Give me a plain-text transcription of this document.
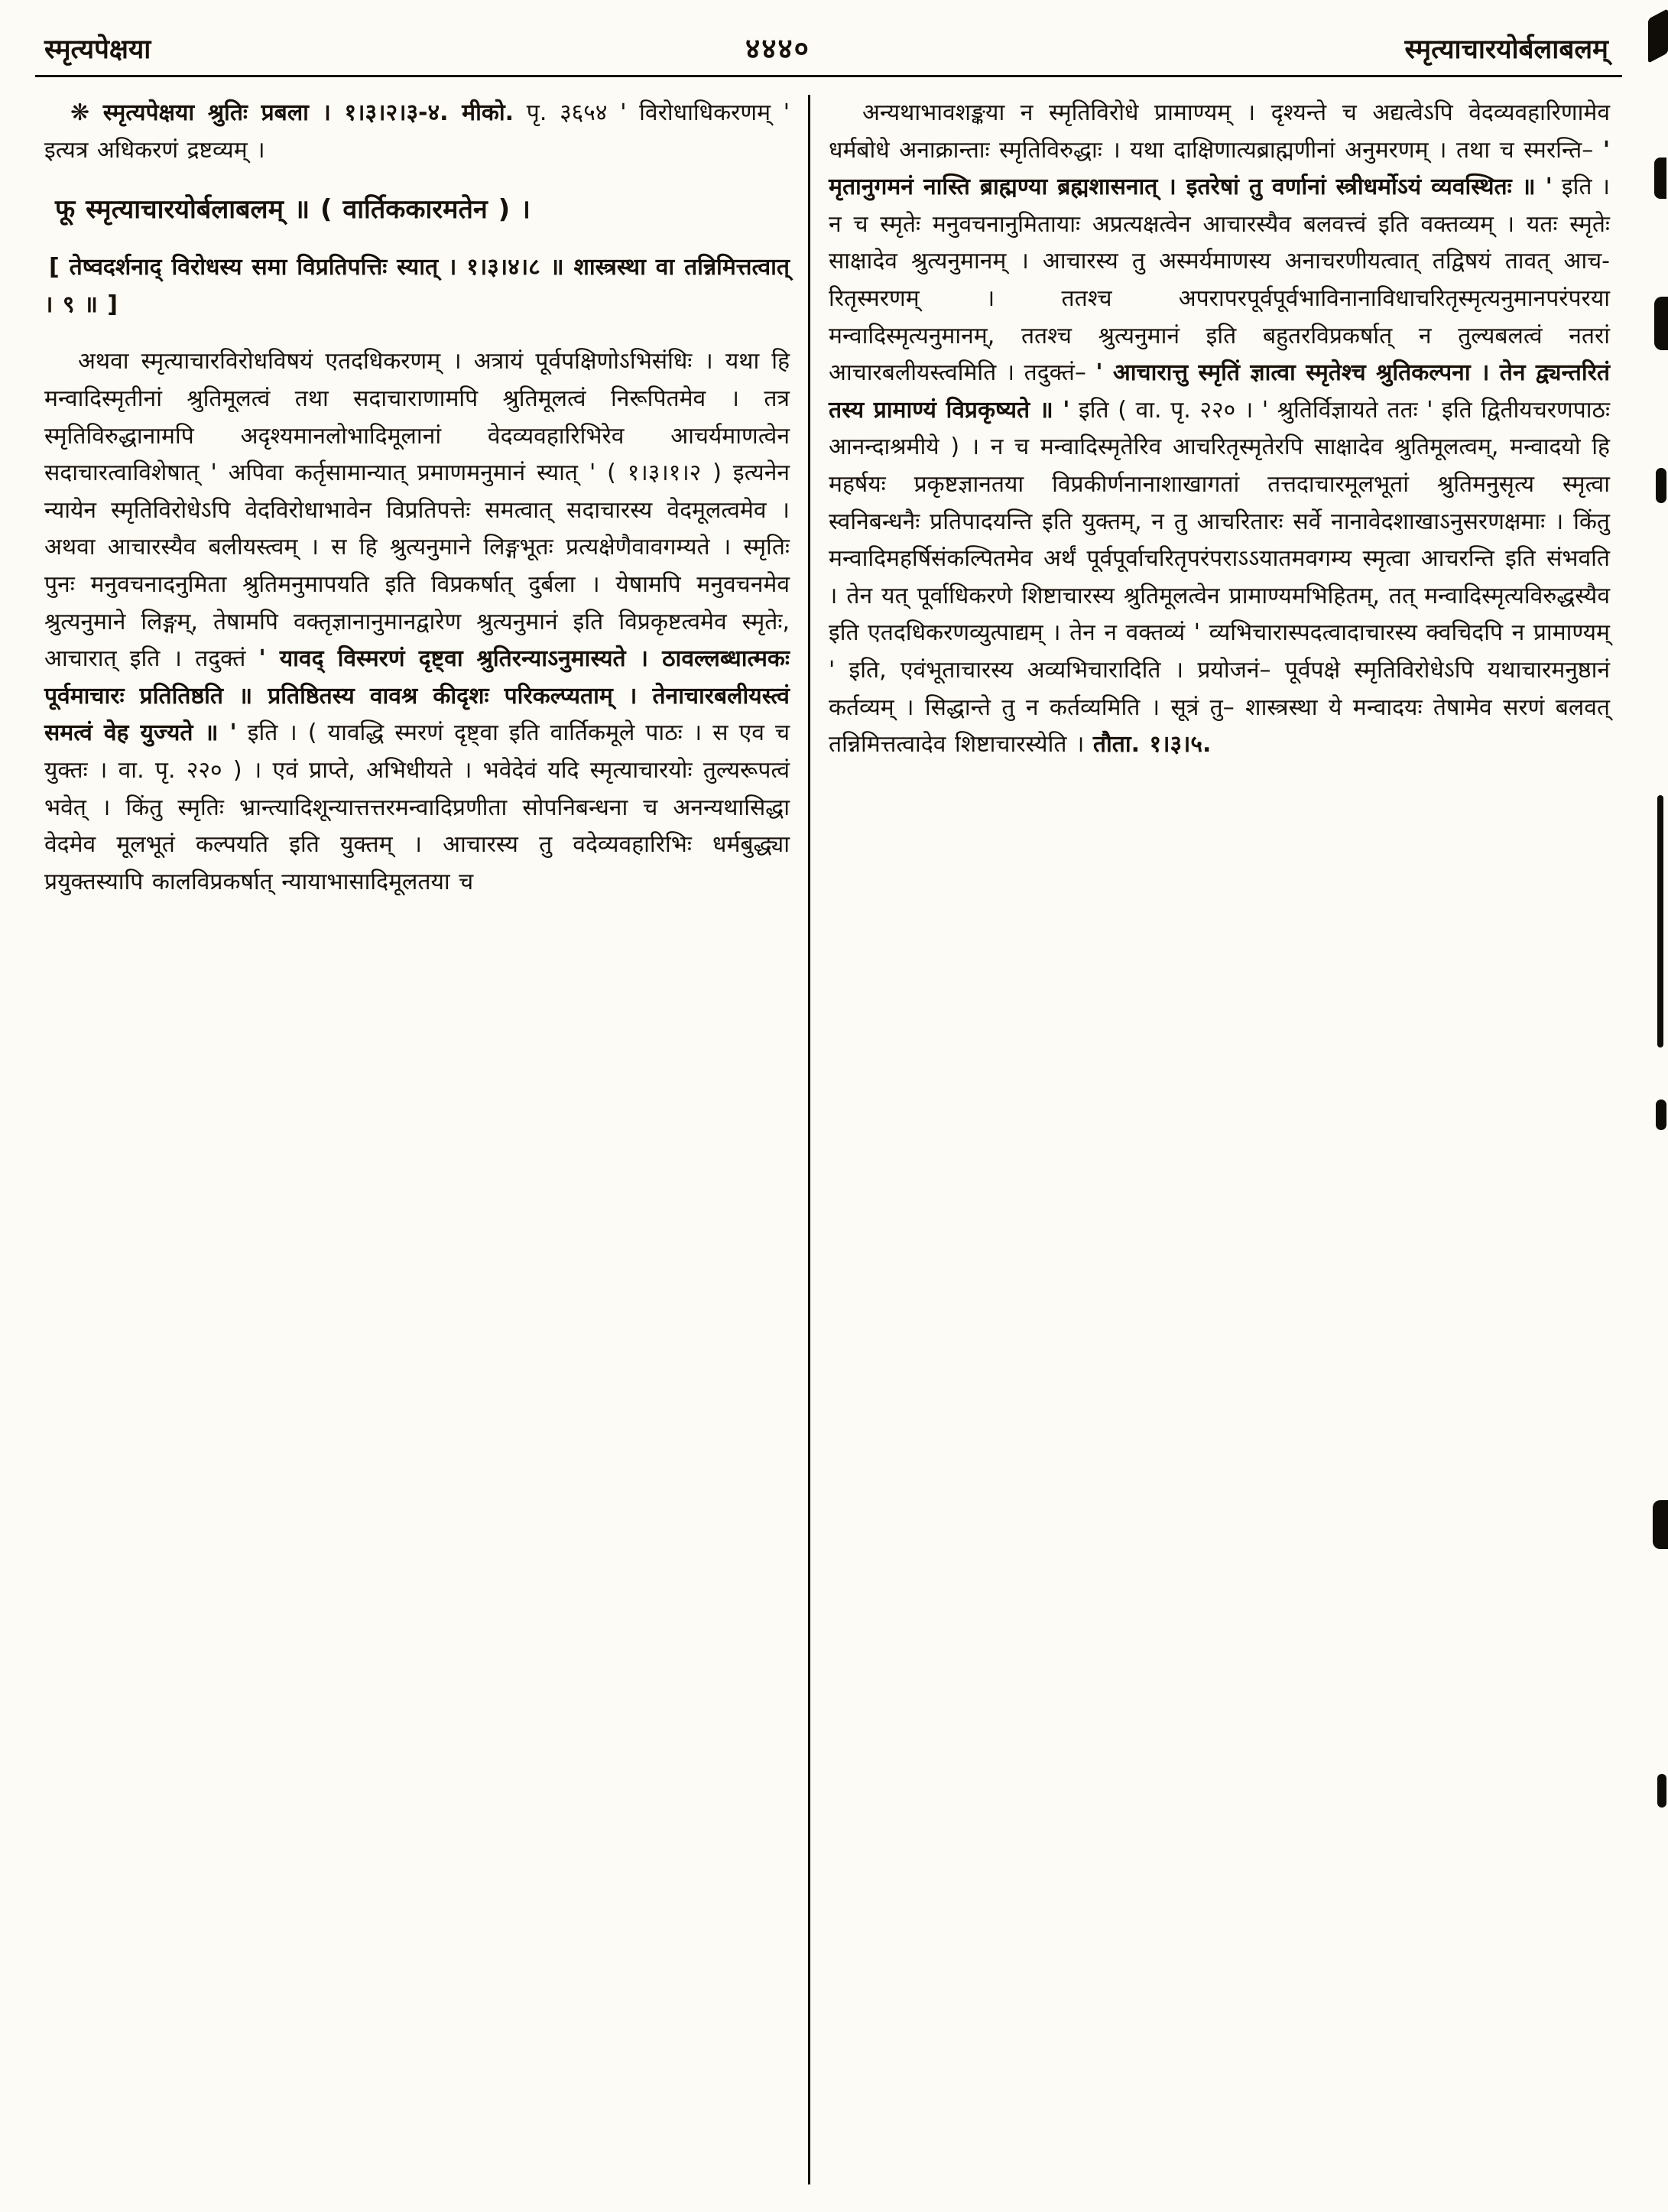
स्मृत्यपेक्षया	४४४०	स्मृत्याचारयोर्बलाबलम्
❋ स्मृत्यपेक्षया श्रुतिः प्रबला । १।३।२।३-४. मीको. पृ. ३६५४ ' विरोधाधिकरणम् ' इत्यत्र अधिकरणं द्रष्टव्यम् ।
फू स्मृत्याचारयोर्बलाबलम् ॥ ( वार्तिककारमतेन ) ।
[ तेष्वदर्शनाद् विरोधस्य समा विप्रतिपत्तिः स्यात् । १।३।४।८ ॥ शास्त्रस्था वा तन्निमित्तत्वात् । ९ ॥ ]
अथवा स्मृत्याचारविरोधविषयं एतदधिकरणम् । अत्रायं पूर्वपक्षिणोऽभिसंधिः । यथा हि मन्वादिस्मृतीनां श्रुतिमूलत्वं तथा सदाचाराणामपि श्रुतिमूलत्वं निरूपितमेव । तत्र स्मृतिविरुद्धानामपि अदृश्यमानलोभादिमूलानां वेदव्यवहारिभिरेव आचर्यमाणत्वेन सदाचारत्वाविशेषात् ' अपिवा कर्तृसामान्यात् प्रमाणमनुमानं स्यात् ' ( १।३।१।२ ) इत्यनेन न्यायेन स्मृतिविरोधेऽपि वेदविरोधाभावेन विप्रतिपत्तेः समत्वात् सदाचारस्य वेदमूलत्वमेव । अथवा आचारस्यैव बलीयस्त्वम् । स हि श्रुत्यनुमाने लिङ्गभूतः प्रत्यक्षेणैवावगम्यते । स्मृतिः पुनः मनुवचनादनुमिता श्रुतिमनुमापयति इति विप्रकर्षात् दुर्बला । येषामपि मनुवचनमेव श्रुत्यनुमाने लिङ्गम्, तेषामपि वक्तृज्ञानानुमानद्वारेण श्रुत्यनुमानं इति विप्रकृष्टत्वमेव स्मृतेः, आचारात् इति । तदुक्तं ' यावद् विस्मरणं दृष्ट्वा श्रुतिरन्याऽनुमास्यते । ठावल्लब्धात्मकः पूर्वमाचारः प्रतितिष्ठति ॥ प्रतिष्ठितस्य वावश्र कीदृशः परिकल्प्यताम् । तेनाचारबलीयस्त्वं समत्वं वेह युज्यते ॥ ' इति । ( यावद्धि स्मरणं दृष्ट्वा इति वार्तिकमूले पाठः । स एव च युक्तः । वा. पृ. २२० ) । एवं प्राप्ते, अभिधीयते । भवेदेवं यदि स्मृत्याचारयोः तुल्यरूपत्वं भवेत् । किंतु स्मृतिः भ्रान्त्यादिशून्यात्तत्तरमन्वादिप्रणीता सोपनिबन्धना च अनन्यथासिद्धा वेदमेव मूलभूतं कल्पयति इति युक्तम् । आचारस्य तु वदेव्यवहारिभिः धर्मबुद्ध्या प्रयुक्तस्यापि कालविप्रकर्षात् न्यायाभासादिमूलतया च
अन्यथाभावशङ्कया न स्मृतिविरोधे प्रामाण्यम् । दृश्यन्ते च अद्यत्वेऽपि वेदव्यवहारिणामेव धर्मबोधे अनाक्रान्ताः स्मृतिविरुद्धाः । यथा दाक्षिणात्यब्राह्मणीनां अनुमरणम् । तथा च स्मरन्ति– ' मृतानुगमनं नास्ति ब्राह्मण्या ब्रह्मशासनात् । इतरेषां तु वर्णानां स्त्रीधर्मोऽयं व्यवस्थितः ॥ ' इति । न च स्मृतेः मनुवचनानुमितायाः अप्रत्यक्षत्वेन आचारस्यैव बलवत्त्वं इति वक्तव्यम् । यतः स्मृतेः साक्षादेव श्रुत्यनुमानम् । आचारस्य तु अस्मर्यमाणस्य अनाचरणीयत्वात् तद्विषयं तावत् आचरितृस्मरणम् । ततश्च अपरापरपूर्वपूर्वभाविनानाविधाचरितृस्मृत्यनुमानपरंपरया मन्वादिस्मृत्यनुमानम्, ततश्च श्रुत्यनुमानं इति बहुतरविप्रकर्षात् न तुल्यबलत्वं नतरां आचारबलीयस्त्वमिति । तदुक्तं– ' आचारात्तु स्मृतिं ज्ञात्वा स्मृतेश्च श्रुतिकल्पना । तेन द्व्यन्तरितं तस्य प्रामाण्यं विप्रकृष्यते ॥ ' इति ( वा. पृ. २२० । ' श्रुतिर्विज्ञायते ततः ' इति द्वितीयचरणपाठः आनन्दाश्रमीये ) । न च मन्वादिस्मृतेरिव आचरितृस्मृतेरपि साक्षादेव श्रुतिमूलत्वम्, मन्वादयो हि महर्षयः प्रकृष्टज्ञानतया विप्रकीर्णनानाशाखागतां तत्तदाचारमूलभूतां श्रुतिमनुसृत्य स्मृत्वा स्वनिबन्धनैः प्रतिपादयन्ति इति युक्तम्, न तु आचरितारः सर्वे नानावेदशाखाऽनुसरणक्षमाः । किंतु मन्वादिमहर्षिसंकल्पितमेव अर्थं पूर्वपूर्वाचरितृपरंपराऽऽयातमवगम्य स्मृत्वा आचरन्ति इति संभवति । तेन यत् पूर्वाधिकरणे शिष्टाचारस्य श्रुतिमूलत्वेन प्रामाण्यमभिहितम्, तत् मन्वादिस्मृत्यविरुद्धस्यैव इति एतदधिकरणव्युत्पाद्यम् । तेन न वक्तव्यं ' व्यभिचारास्पदत्वादाचारस्य क्वचिदपि न प्रामाण्यम् ' इति, एवंभूताचारस्य अव्यभिचारादिति । प्रयोजनं– पूर्वपक्षे स्मृतिविरोधेऽपि यथाचारमनुष्ठानं कर्तव्यम् । सिद्धान्ते तु न कर्तव्यमिति । सूत्रं तु– शास्त्रस्था ये मन्वादयः तेषामेव सरणं बलवत् तन्निमित्तत्वादेव शिष्टाचारस्येति । तौता. १।३।५.
